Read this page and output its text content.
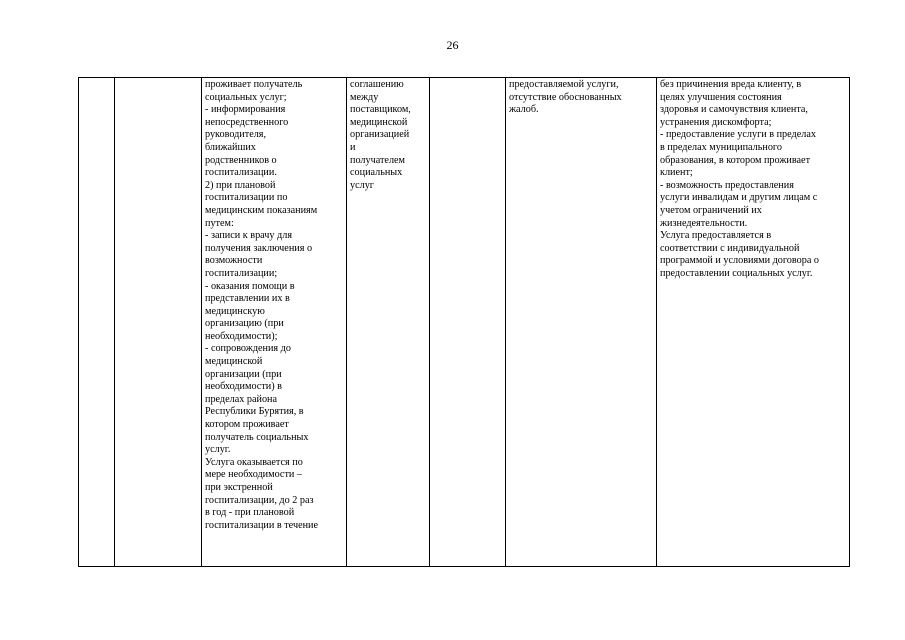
26
		проживает получатель
социальных услуг;
- информирования
непосредственного
руководителя,
ближайших
родственников о
госпитализации.
2) при плановой
госпитализации по
медицинским показаниям
путем:
- записи к врачу для
получения заключения о
возможности
госпитализации;
- оказания помощи в
представлении их в
медицинскую
организацию (при
необходимости);
- сопровождения до
медицинской
организации (при
необходимости) в
пределах района
Республики Бурятия, в
котором проживает
получатель социальных
услуг.
Услуга оказывается по
мере необходимости –
при экстренной
госпитализации, до 2 раз
в год - при плановой
госпитализации в течение	соглашению
между
поставщиком,
медицинской
организацией
и
получателем
социальных
услуг		предоставляемой услуги,
отсутствие обоснованных
жалоб.	без причинения вреда клиенту, в
целях улучшения состояния
здоровья и самочувствия клиента,
устранения дискомфорта;
- предоставление услуги в пределах
в пределах муниципального
образования, в котором проживает
клиент;
- возможность предоставления
услуги инвалидам и другим лицам с
учетом ограничений их
жизнедеятельности.
Услуга предоставляется в
соответствии с индивидуальной
программой и условиями договора о
предоставлении социальных услуг.
